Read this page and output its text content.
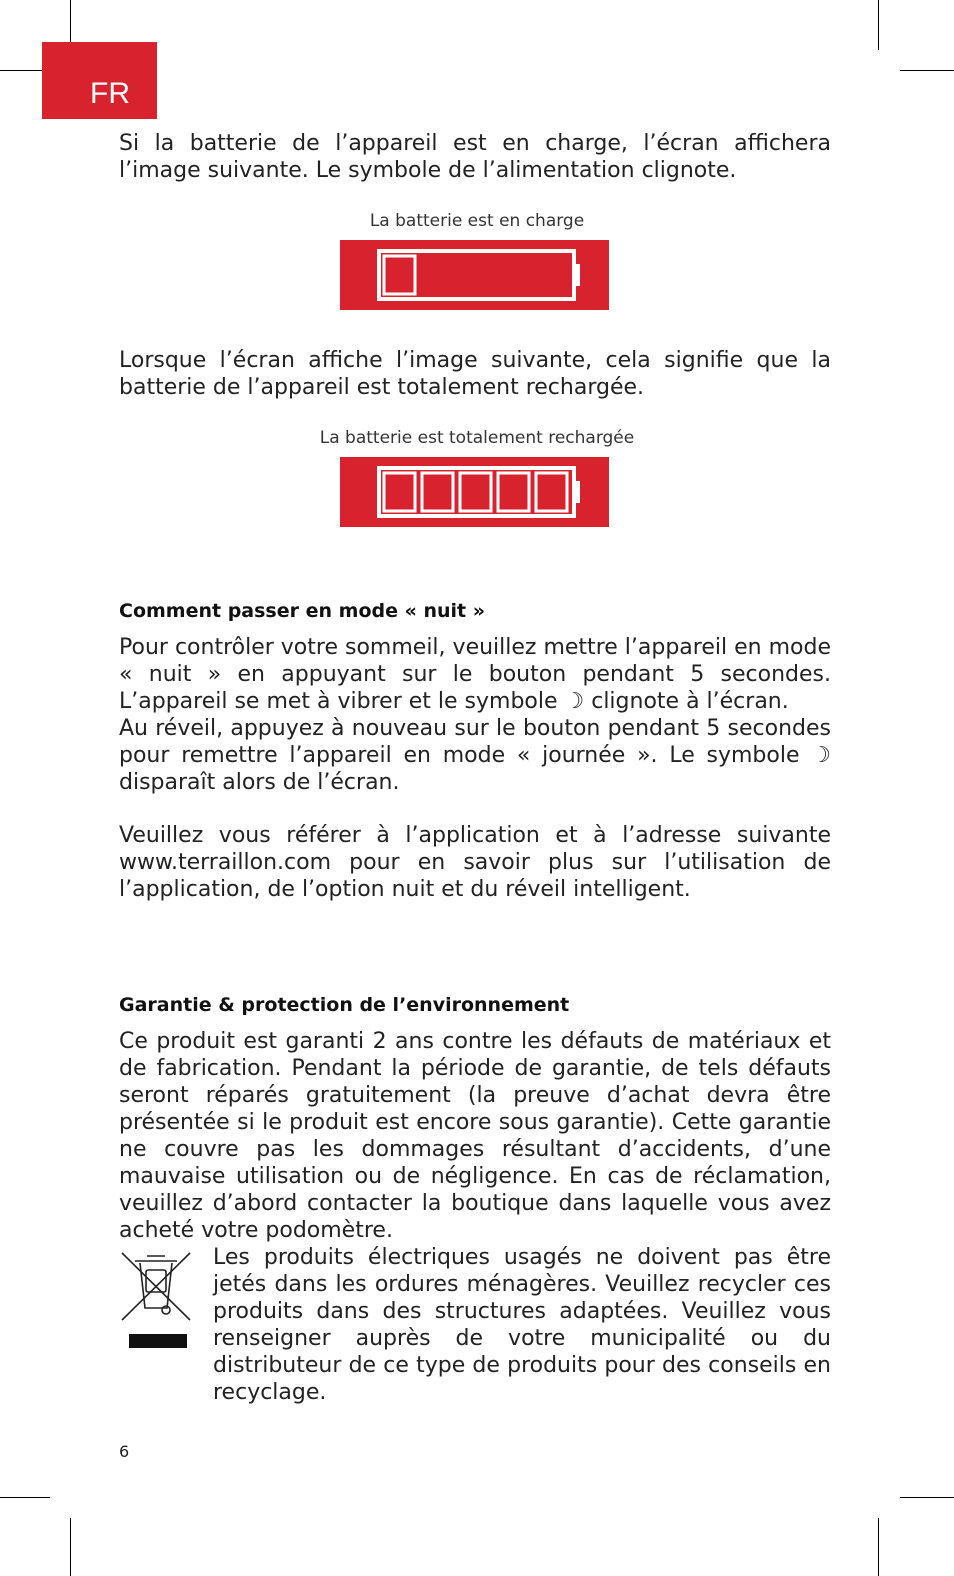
FR

Si la batterie de l’appareil est en charge, l’écran affichera l’image suivante. Le symbole de l’alimentation clignote.

La batterie est en charge

Lorsque l’écran affiche l’image suivante, cela signifie que la batterie de l’appareil est totalement rechargée.

La batterie est totalement rechargée
Comment passer en mode « nuit »

Pour contrôler votre sommeil, veuillez mettre l’appareil en mode « nuit » en appuyant sur le bouton pendant 5 secondes. L’appareil se met à vibrer et le symbole ☽ clignote à l’écran.

Au réveil, appuyez à nouveau sur le bouton pendant 5 secondes pour remettre l’appareil en mode « journée ». Le symbole ☽ disparaît alors de l’écran.

Veuillez vous référer à l’application et à l’adresse suivante www.terraillon.com pour en savoir plus sur l’utilisation de l’application, de l’option nuit et du réveil intelligent.

Garantie & protection de l’environnement

Ce produit est garanti 2 ans contre les défauts de matériaux et de fabrication. Pendant la période de garantie, de tels défauts seront réparés gratuitement (la preuve d’achat devra être présentée si le produit est encore sous garantie). Cette garantie ne couvre pas les dommages résultant d’accidents, d’une mauvaise utilisation ou de négligence. En cas de réclamation, veuillez d’abord contacter la boutique dans laquelle vous avez acheté votre podomètre.

Les produits électriques usagés ne doivent pas être jetés dans les ordures ménagères. Veuillez recycler ces produits dans des structures adaptées. Veuillez vous renseigner auprès de votre municipalité ou du distributeur de ce type de produits pour des conseils en recyclage.

6
